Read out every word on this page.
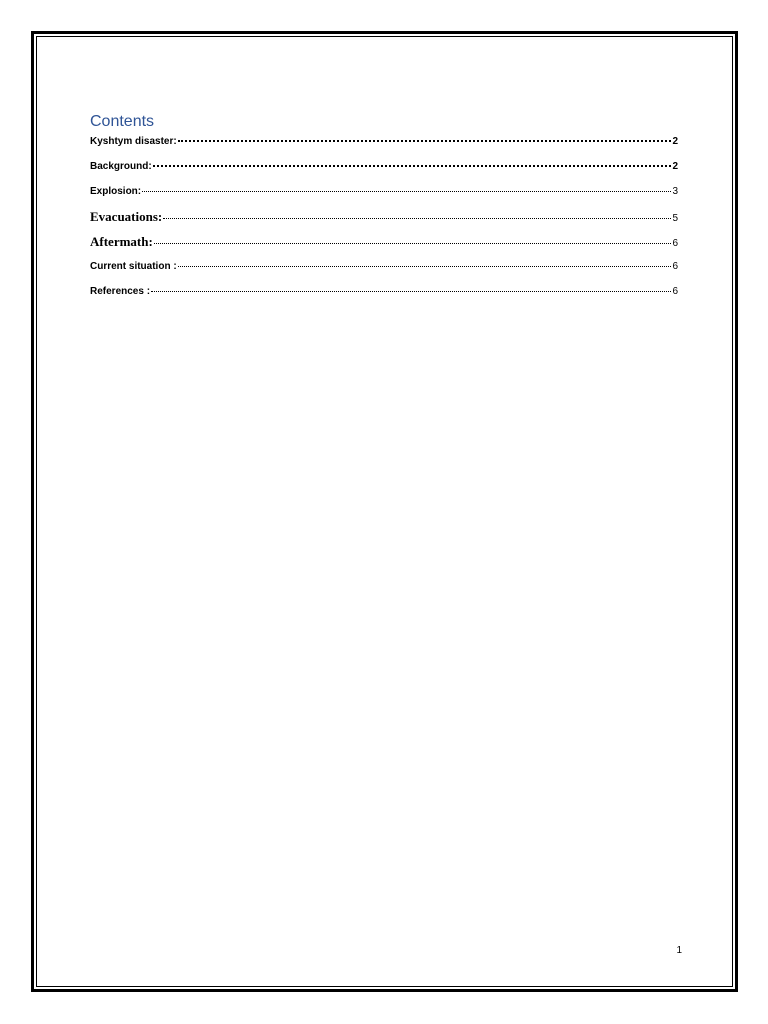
Contents
Kyshtym disaster:	2
Background:	2
Explosion:	3
Evacuations:	5
Aftermath:	6
Current situation :	6
References :	6
1
